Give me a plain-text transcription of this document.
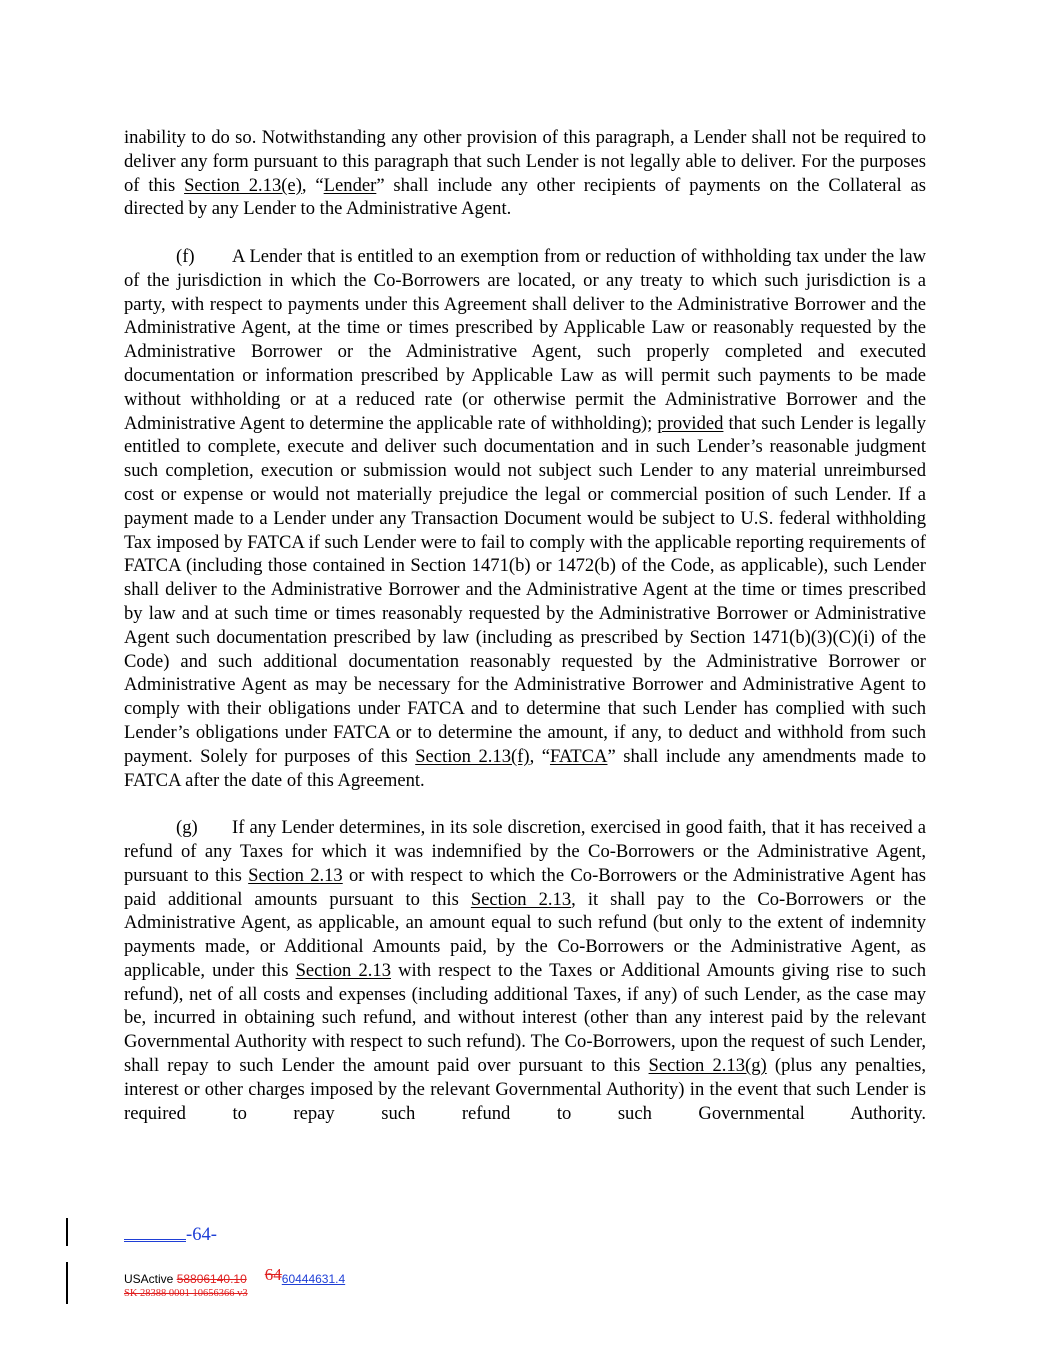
inability to do so. Notwithstanding any other provision of this paragraph, a Lender shall not be required to deliver any form pursuant to this paragraph that such Lender is not legally able to deliver. For the purposes of this Section 2.13(e), “Lender” shall include any other recipients of payments on the Collateral as directed by any Lender to the Administrative Agent.

(f) A Lender that is entitled to an exemption from or reduction of withholding tax under the law of the jurisdiction in which the Co-Borrowers are located, or any treaty to which such jurisdiction is a party, with respect to payments under this Agreement shall deliver to the Administrative Borrower and the Administrative Agent, at the time or times prescribed by Applicable Law or reasonably requested by the Administrative Borrower or the Administrative Agent, such properly completed and executed documentation or information prescribed by Applicable Law as will permit such payments to be made without withholding or at a reduced rate (or otherwise permit the Administrative Borrower and the Administrative Agent to determine the applicable rate of withholding); provided that such Lender is legally entitled to complete, execute and deliver such documentation and in such Lender’s reasonable judgment such completion, execution or submission would not subject such Lender to any material unreimbursed cost or expense or would not materially prejudice the legal or commercial position of such Lender. If a payment made to a Lender under any Transaction Document would be subject to U.S. federal withholding Tax imposed by FATCA if such Lender were to fail to comply with the applicable reporting requirements of FATCA (including those contained in Section 1471(b) or 1472(b) of the Code, as applicable), such Lender shall deliver to the Administrative Borrower and the Administrative Agent at the time or times prescribed by law and at such time or times reasonably requested by the Administrative Borrower or Administrative Agent such documentation prescribed by law (including as prescribed by Section 1471(b)(3)(C)(i) of the Code) and such additional documentation reasonably requested by the Administrative Borrower or Administrative Agent as may be necessary for the Administrative Borrower and Administrative Agent to comply with their obligations under FATCA and to determine that such Lender has complied with such Lender’s obligations under FATCA or to determine the amount, if any, to deduct and withhold from such payment. Solely for purposes of this Section 2.13(f), “FATCA” shall include any amendments made to FATCA after the date of this Agreement.

(g) If any Lender determines, in its sole discretion, exercised in good faith, that it has received a refund of any Taxes for which it was indemnified by the Co-Borrowers or the Administrative Agent, pursuant to this Section 2.13 or with respect to which the Co-Borrowers or the Administrative Agent has paid additional amounts pursuant to this Section 2.13, it shall pay to the Co-Borrowers or the Administrative Agent, as applicable, an amount equal to such refund (but only to the extent of indemnity payments made, or Additional Amounts paid, by the Co-Borrowers or the Administrative Agent, as applicable, under this Section 2.13 with respect to the Taxes or Additional Amounts giving rise to such refund), net of all costs and expenses (including additional Taxes, if any) of such Lender, as the case may be, incurred in obtaining such refund, and without interest (other than any interest paid by the relevant Governmental Authority with respect to such refund). The Co-Borrowers, upon the request of such Lender, shall repay to such Lender the amount paid over pursuant to this Section 2.13(g) (plus any penalties, interest or other charges imposed by the relevant Governmental Authority) in the event that such Lender is required to repay such refund to such Governmental Authority.

-64-
USActive 58806140.10 6460444631.4
SK 28388 0001 10656366 v3
